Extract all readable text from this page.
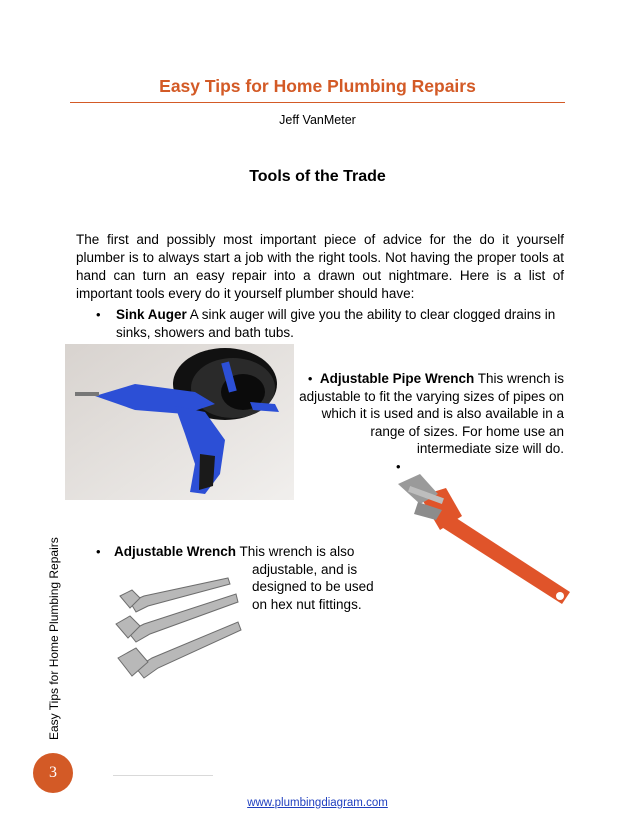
Easy Tips for Home Plumbing Repairs
Jeff VanMeter
Tools of the Trade
The first and possibly most important piece of advice for the do it yourself plumber is to always start a job with the right tools. Not having the proper tools at hand can turn an easy repair into a drawn out nightmare. Here is a list of important tools every do it yourself plumber should have:
• Sink Auger A sink auger will give you the ability to clear clogged drains in sinks, showers and bath tubs.
• Adjustable Pipe Wrench This wrench is adjustable to fit the varying sizes of pipes on which it is used and is also available in a range of sizes. For home use an intermediate size will do.
•
• Adjustable Wrench This wrench is also
adjustable, and is designed to be used on hex nut fittings.
Easy Tips for Home Plumbing Repairs
3
www.plumbingdiagram.com
